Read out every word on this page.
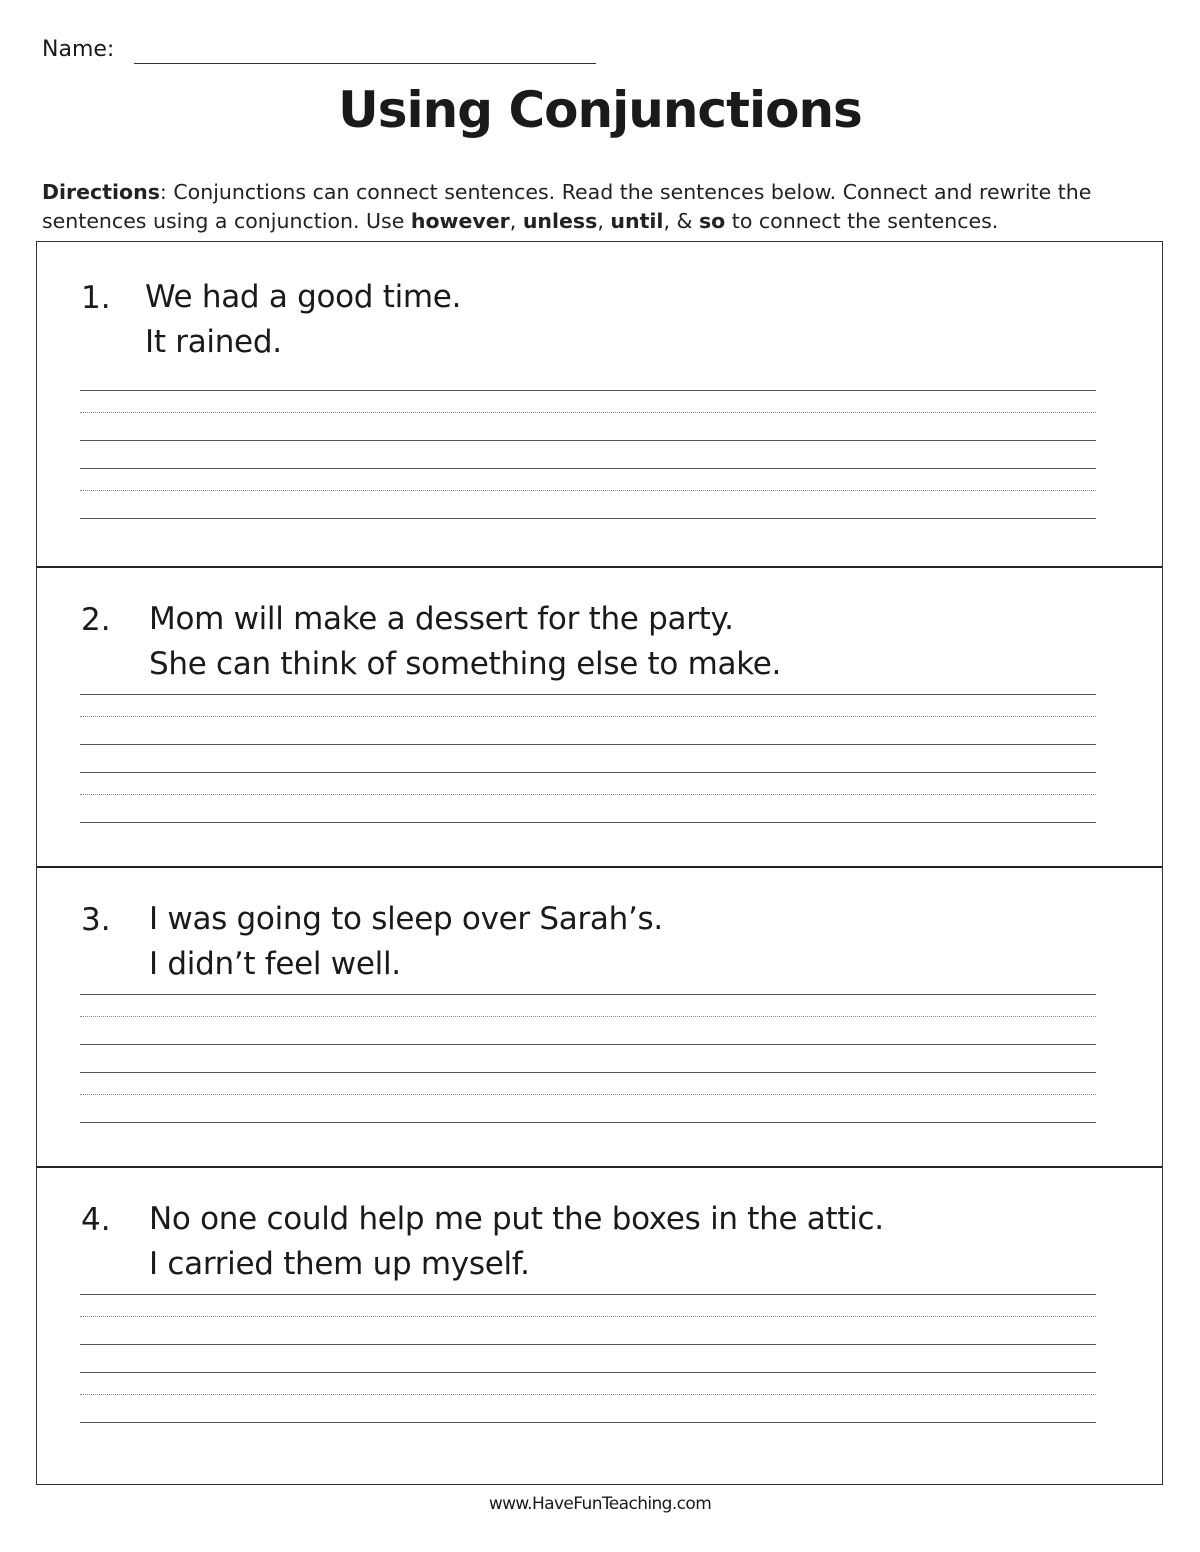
Name:
Using Conjunctions
Directions: Conjunctions can connect sentences. Read the sentences below. Connect and rewrite the sentences using a conjunction. Use however, unless, until, & so to connect the sentences.
1. We had a good time.
It rained.
2. Mom will make a dessert for the party.
She can think of something else to make.
3. I was going to sleep over Sarah’s.
I didn’t feel well.
4. No one could help me put the boxes in the attic.
I carried them up myself.
www.HaveFunTeaching.com
